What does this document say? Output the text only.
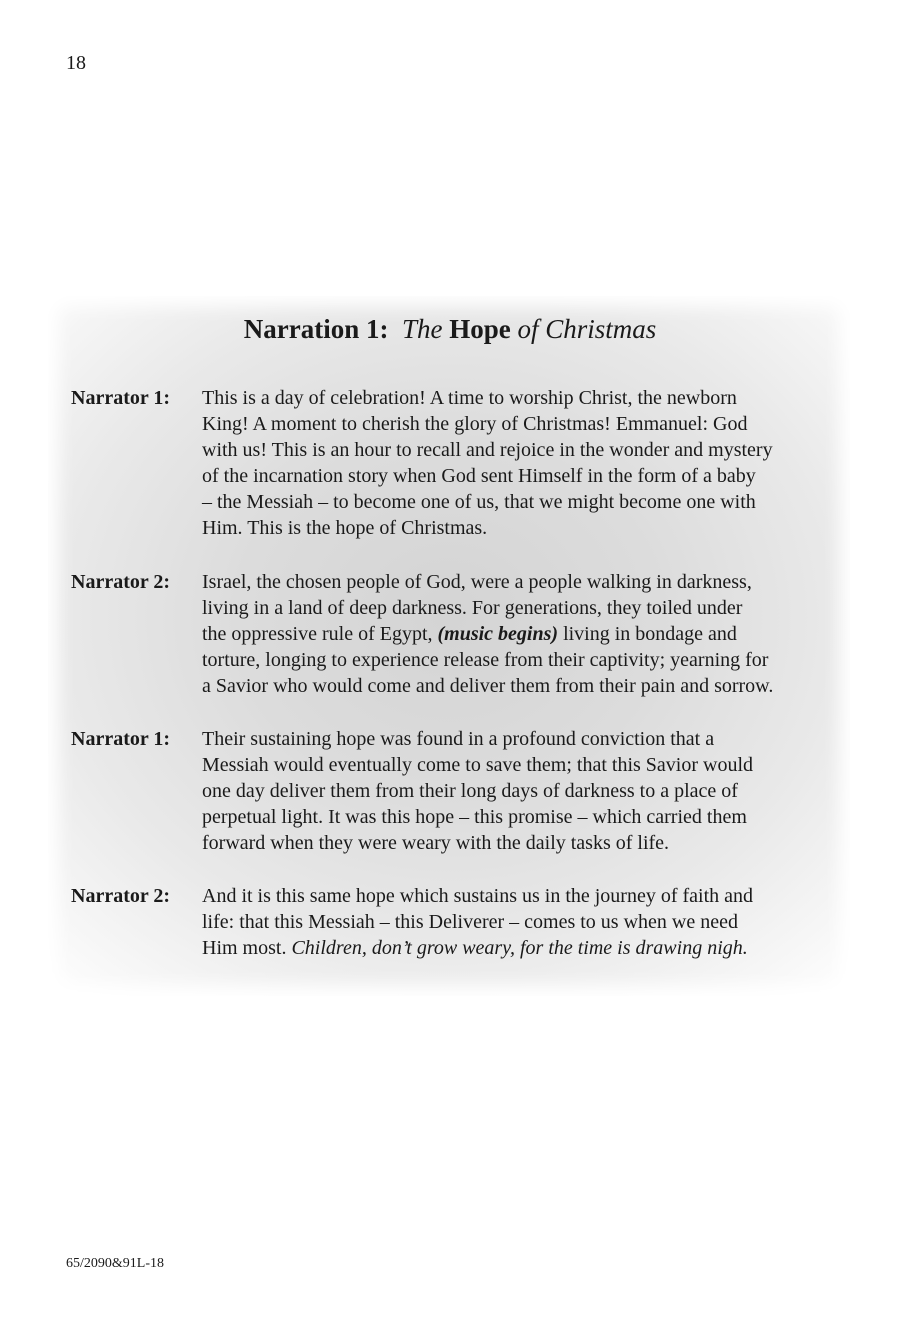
18
Narration 1: The Hope of Christmas
Narrator 1: This is a day of celebration! A time to worship Christ, the newborn
King! A moment to cherish the glory of Christmas! Emmanuel: God
with us! This is an hour to recall and rejoice in the wonder and mystery
of the incarnation story when God sent Himself in the form of a baby
– the Messiah – to become one of us, that we might become one with
Him. This is the hope of Christmas.
Narrator 2: Israel, the chosen people of God, were a people walking in darkness,
living in a land of deep darkness. For generations, they toiled under
the oppressive rule of Egypt, (music begins) living in bondage and
torture, longing to experience release from their captivity; yearning for
a Savior who would come and deliver them from their pain and sorrow.
Narrator 1: Their sustaining hope was found in a profound conviction that a
Messiah would eventually come to save them; that this Savior would
one day deliver them from their long days of darkness to a place of
perpetual light. It was this hope – this promise – which carried them
forward when they were weary with the daily tasks of life.
Narrator 2: And it is this same hope which sustains us in the journey of faith and
life: that this Messiah – this Deliverer – comes to us when we need
Him most. Children, don’t grow weary, for the time is drawing nigh.
65/2090&91L-18
